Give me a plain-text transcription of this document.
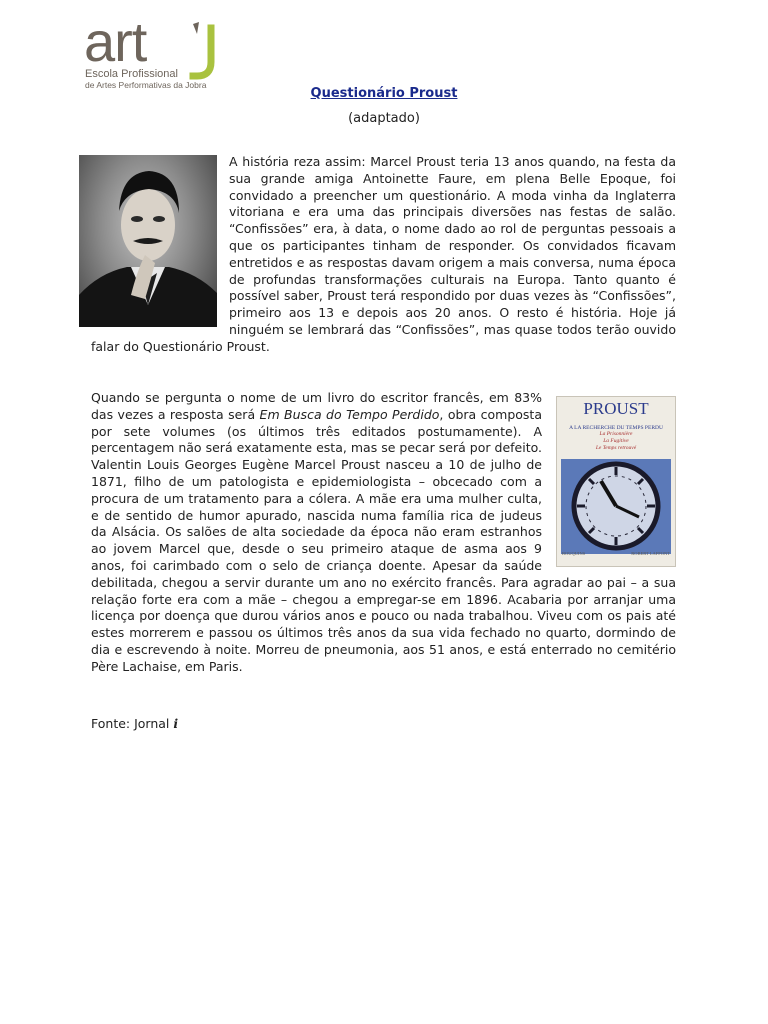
art
Escola Profissional
de Artes Performativas da Jobra
Questionário Proust
(adaptado)

A história reza assim: Marcel Proust teria 13 anos quando, na festa da sua grande amiga Antoinette Faure, em plena Belle Epoque, foi convidado a preencher um questionário. A moda vinha da Inglaterra vitoriana e era uma das principais diversões nas festas de salão. “Confissões” era, à data, o nome dado ao rol de perguntas pessoais a que os participantes tinham de responder. Os convidados ficavam entretidos e as respostas davam origem a mais conversa, numa época de profundas transformações culturais na Europa. Tanto quanto é possível saber, Proust terá respondido por duas vezes às “Confissões”, primeiro aos 13 e depois aos 20 anos. O resto é história. Hoje já ninguém se lembrará das “Confissões”, mas quase todos terão ouvido falar do Questionário Proust.

PROUST
A LA RECHERCHE DU TEMPS PERDU
La Prisonnière
La Fugitive
Le Temps retrouvé
BOUQUINS	ROBERT LAFFONT

Quando se pergunta o nome de um livro do escritor francês, em 83% das vezes a resposta será Em Busca do Tempo Perdido, obra composta por sete volumes (os últimos três editados postumamente). A percentagem não será exatamente esta, mas se pecar será por defeito. Valentin Louis Georges Eugène Marcel Proust nasceu a 10 de julho de 1871, filho de um patologista e epidemiologista – obcecado com a procura de um tratamento para a cólera. A mãe era uma mulher culta, e de sentido de humor apurado, nascida numa família rica de judeus da Alsácia. Os salões de alta sociedade da época não eram estranhos ao jovem Marcel que, desde o seu primeiro ataque de asma aos 9 anos, foi carimbado com o selo de criança doente. Apesar da saúde debilitada, chegou a servir durante um ano no exército francês. Para agradar ao pai – a sua relação forte era com a mãe – chegou a empregar-se em 1896. Acabaria por arranjar uma licença por doença que durou vários anos e pouco ou nada trabalhou. Viveu com os pais até estes morrerem e passou os últimos três anos da sua vida fechado no quarto, dormindo de dia e escrevendo à noite. Morreu de pneumonia, aos 51 anos, e está enterrado no cemitério Père Lachaise, em Paris.

Fonte: Jornal i
